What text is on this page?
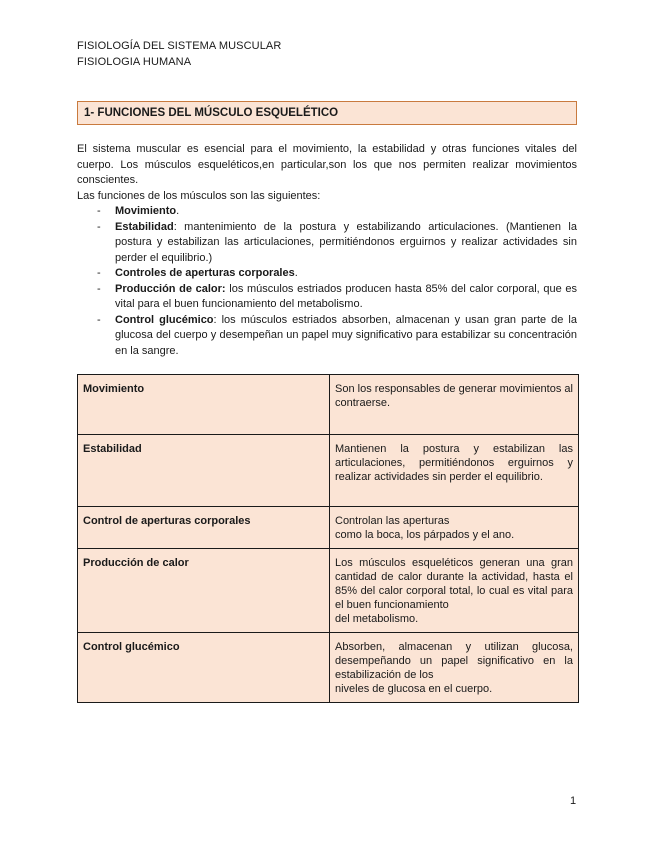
FISIOLOGÍA DEL SISTEMA MUSCULAR
FISIOLOGIA HUMANA
1- FUNCIONES DEL MÚSCULO ESQUELÉTICO

El sistema muscular es esencial para el movimiento, la estabilidad y otras funciones vitales del cuerpo. Los músculos esqueléticos,en particular,son los que nos permiten realizar movimientos conscientes.

Las funciones de los músculos son las siguientes:

- Movimiento.
- Estabilidad: mantenimiento de la postura y estabilizando articulaciones. (Mantienen la postura y estabilizan las articulaciones, permitiéndonos erguirnos y realizar actividades sin perder el equilibrio.)
- Controles de aperturas corporales.
- Producción de calor: los músculos estriados producen hasta 85% del calor corporal, que es vital para el buen funcionamiento del metabolismo.
- Control glucémico: los músculos estriados absorben, almacenan y usan gran parte de la glucosa del cuerpo y desempeñan un papel muy significativo para estabilizar su concentración en la sangre.
Movimiento	Son los responsables de generar movimientos al contraerse.
Estabilidad	Mantienen la postura y estabilizan las articulaciones, permitiéndonos erguirnos y realizar actividades sin perder el equilibrio.
Control de aperturas corporales	Controlan las aperturas
como la boca, los párpados y el ano.
Producción de calor	Los músculos esqueléticos generan una gran cantidad de calor durante la actividad, hasta el 85% del calor corporal total, lo cual es vital para el buen funcionamiento
del metabolismo.
Control glucémico	Absorben, almacenan y utilizan glucosa, desempeñando un papel significativo en la estabilización de los
niveles de glucosa en el cuerpo.
1
